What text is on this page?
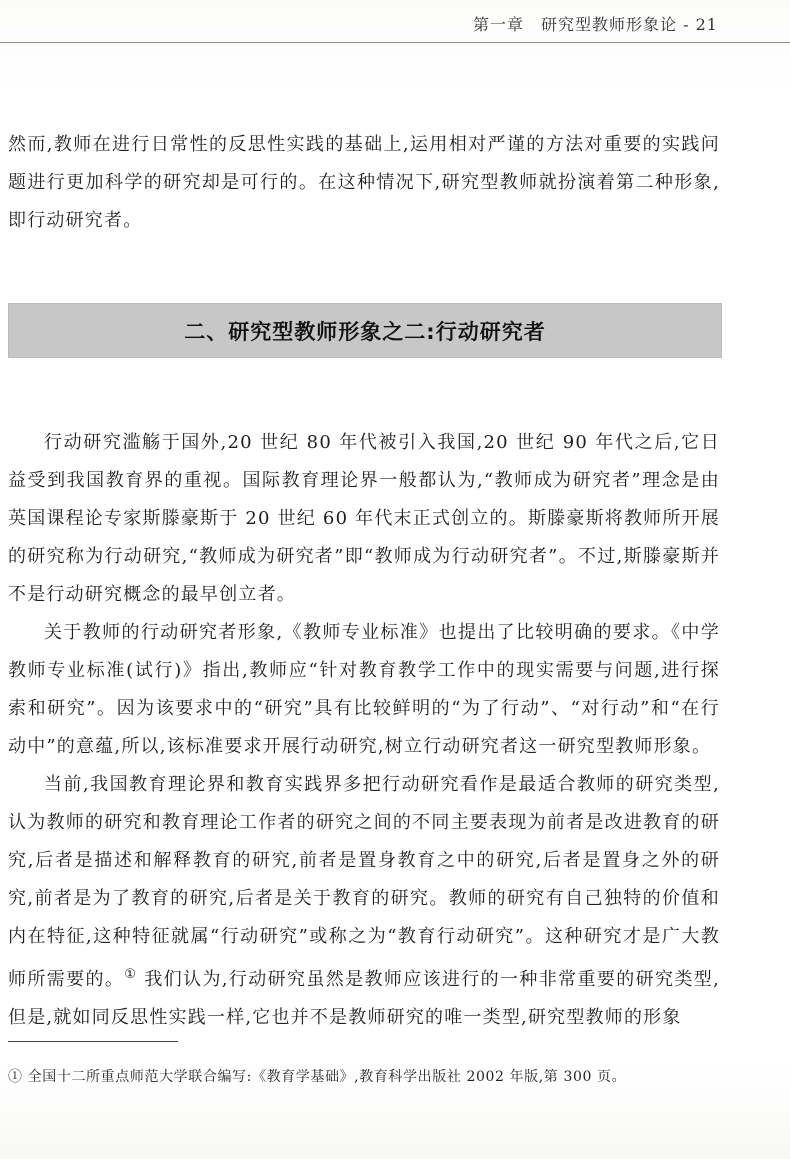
第一章　研究型教师形象论 - 21

然而,教师在进行日常性的反思性实践的基础上,运用相对严谨的方法对重要的实践问题进行更加科学的研究却是可行的。在这种情况下,研究型教师就扮演着第二种形象,即行动研究者。

二、研究型教师形象之二:行动研究者

行动研究滥觞于国外,20 世纪 80 年代被引入我国,20 世纪 90 年代之后,它日益受到我国教育界的重视。国际教育理论界一般都认为,“教师成为研究者”理念是由英国课程论专家斯滕豪斯于 20 世纪 60 年代末正式创立的。斯滕豪斯将教师所开展的研究称为行动研究,“教师成为研究者”即“教师成为行动研究者”。不过,斯滕豪斯并不是行动研究概念的最早创立者。

关于教师的行动研究者形象,《教师专业标准》也提出了比较明确的要求。《中学教师专业标准(试行)》指出,教师应“针对教育教学工作中的现实需要与问题,进行探索和研究”。因为该要求中的“研究”具有比较鲜明的“为了行动”、“对行动”和“在行动中”的意蕴,所以,该标准要求开展行动研究,树立行动研究者这一研究型教师形象。

当前,我国教育理论界和教育实践界多把行动研究看作是最适合教师的研究类型,认为教师的研究和教育理论工作者的研究之间的不同主要表现为前者是改进教育的研究,后者是描述和解释教育的研究,前者是置身教育之中的研究,后者是置身之外的研究,前者是为了教育的研究,后者是关于教育的研究。教师的研究有自己独特的价值和内在特征,这种特征就属“行动研究”或称之为“教育行动研究”。这种研究才是广大教师所需要的。① 我们认为,行动研究虽然是教师应该进行的一种非常重要的研究类型,但是,就如同反思性实践一样,它也并不是教师研究的唯一类型,研究型教师的形象

① 全国十二所重点师范大学联合编写:《教育学基础》,教育科学出版社 2002 年版,第 300 页。
